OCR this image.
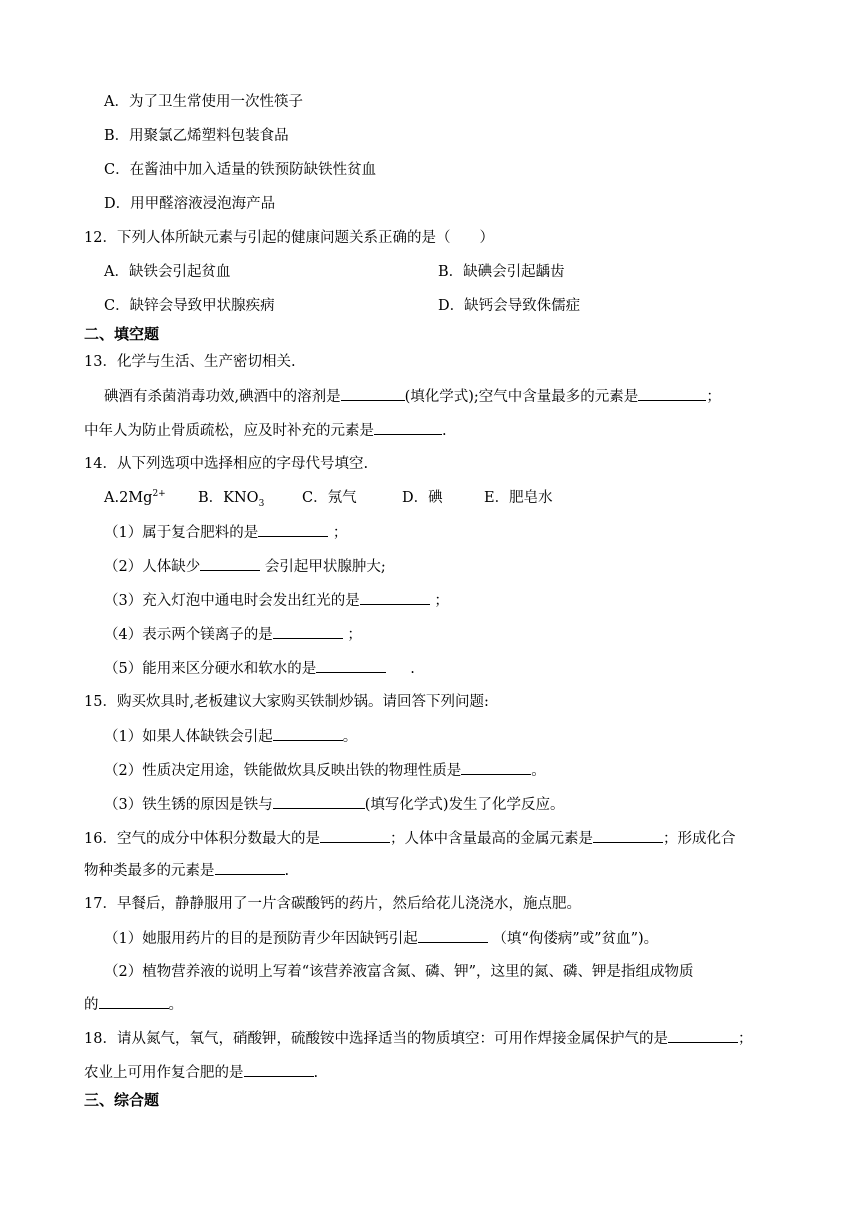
A．为了卫生常使用一次性筷子
B．用聚氯乙烯塑料包装食品
C．在酱油中加入适量的铁预防缺铁性贫血
D．用甲醛溶液浸泡海产品
12．下列人体所缺元素与引起的健康问题关系正确的是（　　）
A．缺铁会引起贫血	B．缺碘会引起龋齿
C．缺锌会导致甲状腺疾病	D．缺钙会导致侏儒症
二、填空题
13．化学与生活、生产密切相关.
碘酒有杀菌消毒功效,碘酒中的溶剂是	(填化学式);空气中含量最多的元素是	；
中年人为防止骨质疏松，应及时补充的元素是	.
14．从下列选项中选择相应的字母代号填空.
$A.2Mg^{2+}$ B．$KNO_3$	C．氖气	D．碘	E．肥皂水
（1）属于复合肥料的是	；
（2）人体缺少	会引起甲状腺肿大;
（3）充入灯泡中通电时会发出红光的是	；
（4）表示两个镁离子的是	；
（5）能用来区分硬水和软水的是	.
15．购买炊具时,老板建议大家购买铁制炒锅。请回答下列问题:
（1）如果人体缺铁会引起	。
（2）性质决定用途，铁能做炊具反映出铁的物理性质是	。
（3）铁生锈的原因是铁与	(填写化学式)发生了化学反应。
16．空气的成分中体积分数最大的是	；人体中含量最高的金属元素是	；形成化合
物种类最多的元素是	.
17．早餐后，静静服用了一片含碳酸钙的药片，然后给花儿浇浇水，施点肥。
（1）她服用药片的目的是预防青少年因缺钙引起	（填“佝偻病”或”贫血”)。
（2）植物营养液的说明上写着“该营养液富含氮、磷、钾”，这里的氮、磷、钾是指组成物质
的	。
18．请从氮气，氧气，硝酸钾，硫酸铵中选择适当的物质填空：可用作焊接金属保护气的是	；
农业上可用作复合肥的是	.
三、综合题
